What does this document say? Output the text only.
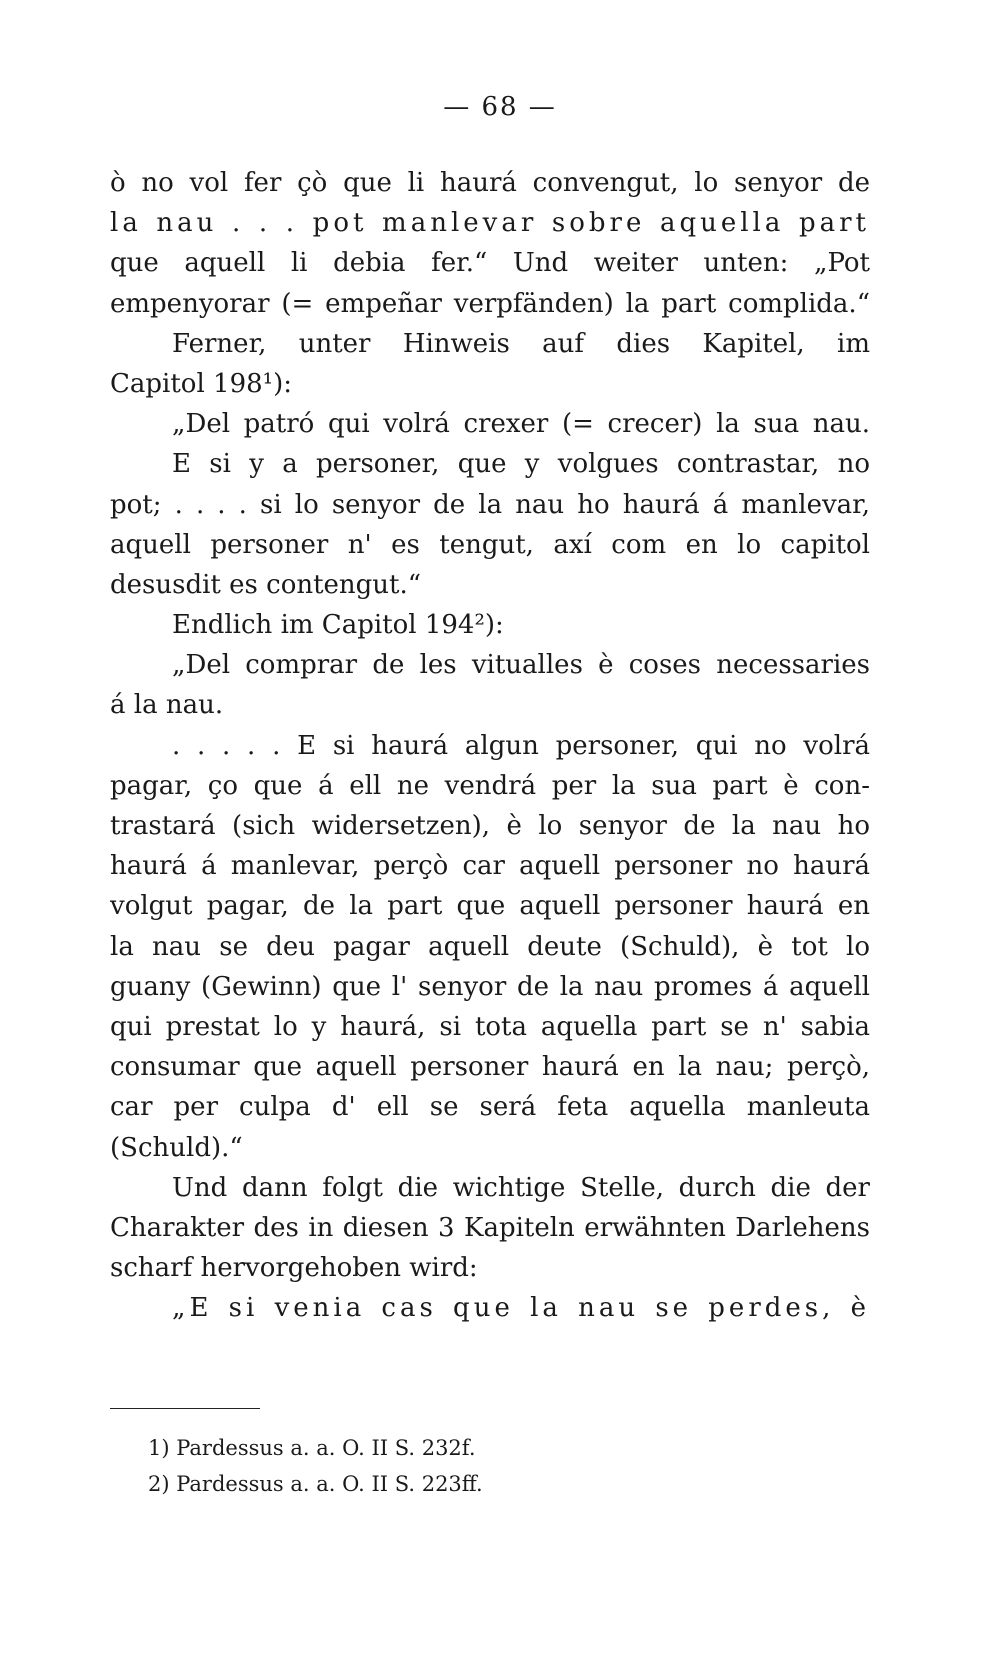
— 68 —
ò no vol fer çò que li haurá convengut, lo senyor de
la nau . . . pot manlevar sobre aquella part
que aquell li debia fer.“ Und weiter unten: „Pot
empenyorar (= empeñar verpfänden) la part complida.“
Ferner, unter Hinweis auf dies Kapitel, im
Capitol 198¹):
„Del patró qui volrá crexer (= crecer) la sua nau.
E si y a personer, que y volgues contrastar, no
pot; . . . . si lo senyor de la nau ho haurá á manlevar,
aquell personer n' es tengut, axí com en lo capitol
desusdit es contengut.“
Endlich im Capitol 194²):
„Del comprar de les vitualles è coses necessaries
á la nau.
. . . . . E si haurá algun personer, qui no volrá
pagar, ço que á ell ne vendrá per la sua part è con-
trastará (sich widersetzen), è lo senyor de la nau ho
haurá á manlevar, perçò car aquell personer no haurá
volgut pagar, de la part que aquell personer haurá en
la nau se deu pagar aquell deute (Schuld), è tot lo
guany (Gewinn) que l' senyor de la nau promes á aquell
qui prestat lo y haurá, si tota aquella part se n' sabia
consumar que aquell personer haurá en la nau; perçò,
car per culpa d' ell se será feta aquella manleuta
(Schuld).“
Und dann folgt die wichtige Stelle, durch die der
Charakter des in diesen 3 Kapiteln erwähnten Darlehens
scharf hervorgehoben wird:
„E si venia cas que la nau se perdes, è
1) Pardessus a. a. O. II S. 232f.
2) Pardessus a. a. O. II S. 223ff.
